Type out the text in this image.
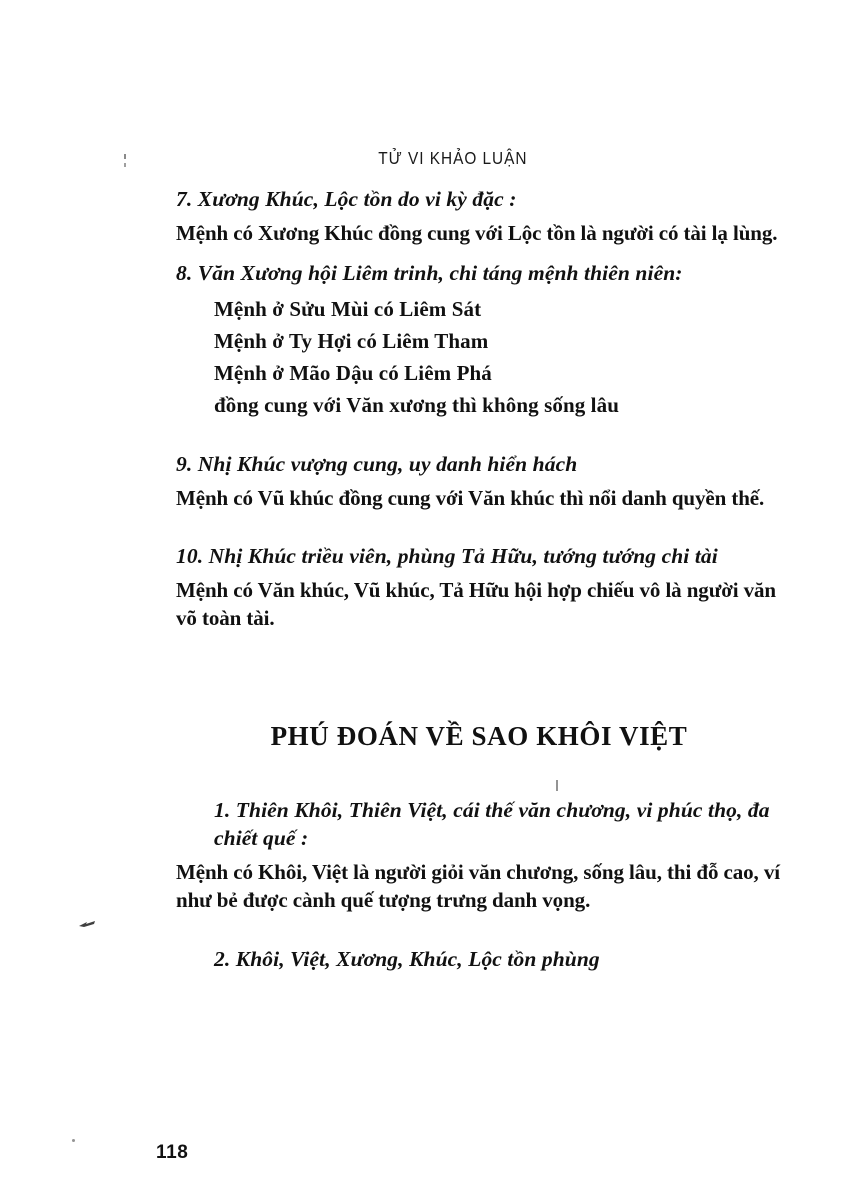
TỬ VI KHẢO LUẬN

7. Xương Khúc, Lộc tồn do vi kỳ đặc :

Mệnh có Xương Khúc đồng cung với Lộc tồn là người có tài lạ lùng.

8. Văn Xương hội Liêm trinh, chi táng mệnh thiên niên:

Mệnh ở Sửu Mùi có Liêm Sát
Mệnh ở Ty Hợi có Liêm Tham
Mệnh ở Mão Dậu có Liêm Phá
đồng cung với Văn xương thì không sống lâu

9. Nhị Khúc vượng cung, uy danh hiển hách

Mệnh có Vũ khúc đồng cung với Văn khúc thì nổi danh quyền thế.

10. Nhị Khúc triều viên, phùng Tả Hữu, tướng tướng chi tài

Mệnh có Văn khúc, Vũ khúc, Tả Hữu hội hợp chiếu vô là người văn võ toàn tài.

PHÚ ĐOÁN VỀ SAO KHÔI VIỆT

1. Thiên Khôi, Thiên Việt, cái thế văn chương, vi phúc thọ, đa chiết quế :

Mệnh có Khôi, Việt là người giỏi văn chương, sống lâu, thi đỗ cao, ví như bẻ được cành quế tượng trưng danh vọng.

2. Khôi, Việt, Xương, Khúc, Lộc tồn phùng

118
